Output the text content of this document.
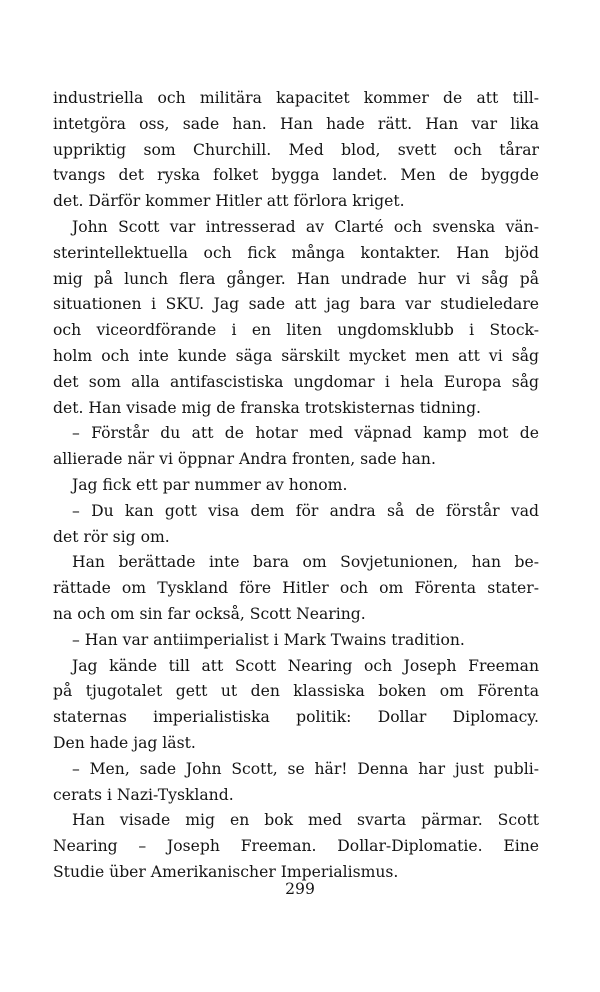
industriella och militära kapacitet kommer de att till-
intetgöra oss, sade han. Han hade rätt. Han var lika
uppriktig som Churchill. Med blod, svett och tårar
tvangs det ryska folket bygga landet. Men de byggde
det. Därför kommer Hitler att förlora kriget.
John Scott var intresserad av Clarté och svenska vän-
sterintellektuella och fick många kontakter. Han bjöd
mig på lunch flera gånger. Han undrade hur vi såg på
situationen i SKU. Jag sade att jag bara var studieledare
och viceordförande i en liten ungdomsklubb i Stock-
holm och inte kunde säga särskilt mycket men att vi såg
det som alla antifascistiska ungdomar i hela Europa såg
det. Han visade mig de franska trotskisternas tidning.
– Förstår du att de hotar med väpnad kamp mot de
allierade när vi öppnar Andra fronten, sade han.
Jag fick ett par nummer av honom.
– Du kan gott visa dem för andra så de förstår vad
det rör sig om.
Han berättade inte bara om Sovjetunionen, han be-
rättade om Tyskland före Hitler och om Förenta stater-
na och om sin far också, Scott Nearing.
– Han var antiimperialist i Mark Twains tradition.
Jag kände till att Scott Nearing och Joseph Freeman
på tjugotalet gett ut den klassiska boken om Förenta
staternas imperialistiska politik: Dollar Diplomacy.
Den hade jag läst.
– Men, sade John Scott, se här! Denna har just publi-
cerats i Nazi-Tyskland.
Han visade mig en bok med svarta pärmar. Scott
Nearing – Joseph Freeman. Dollar-Diplomatie. Eine
Studie über Amerikanischer Imperialismus.
299
